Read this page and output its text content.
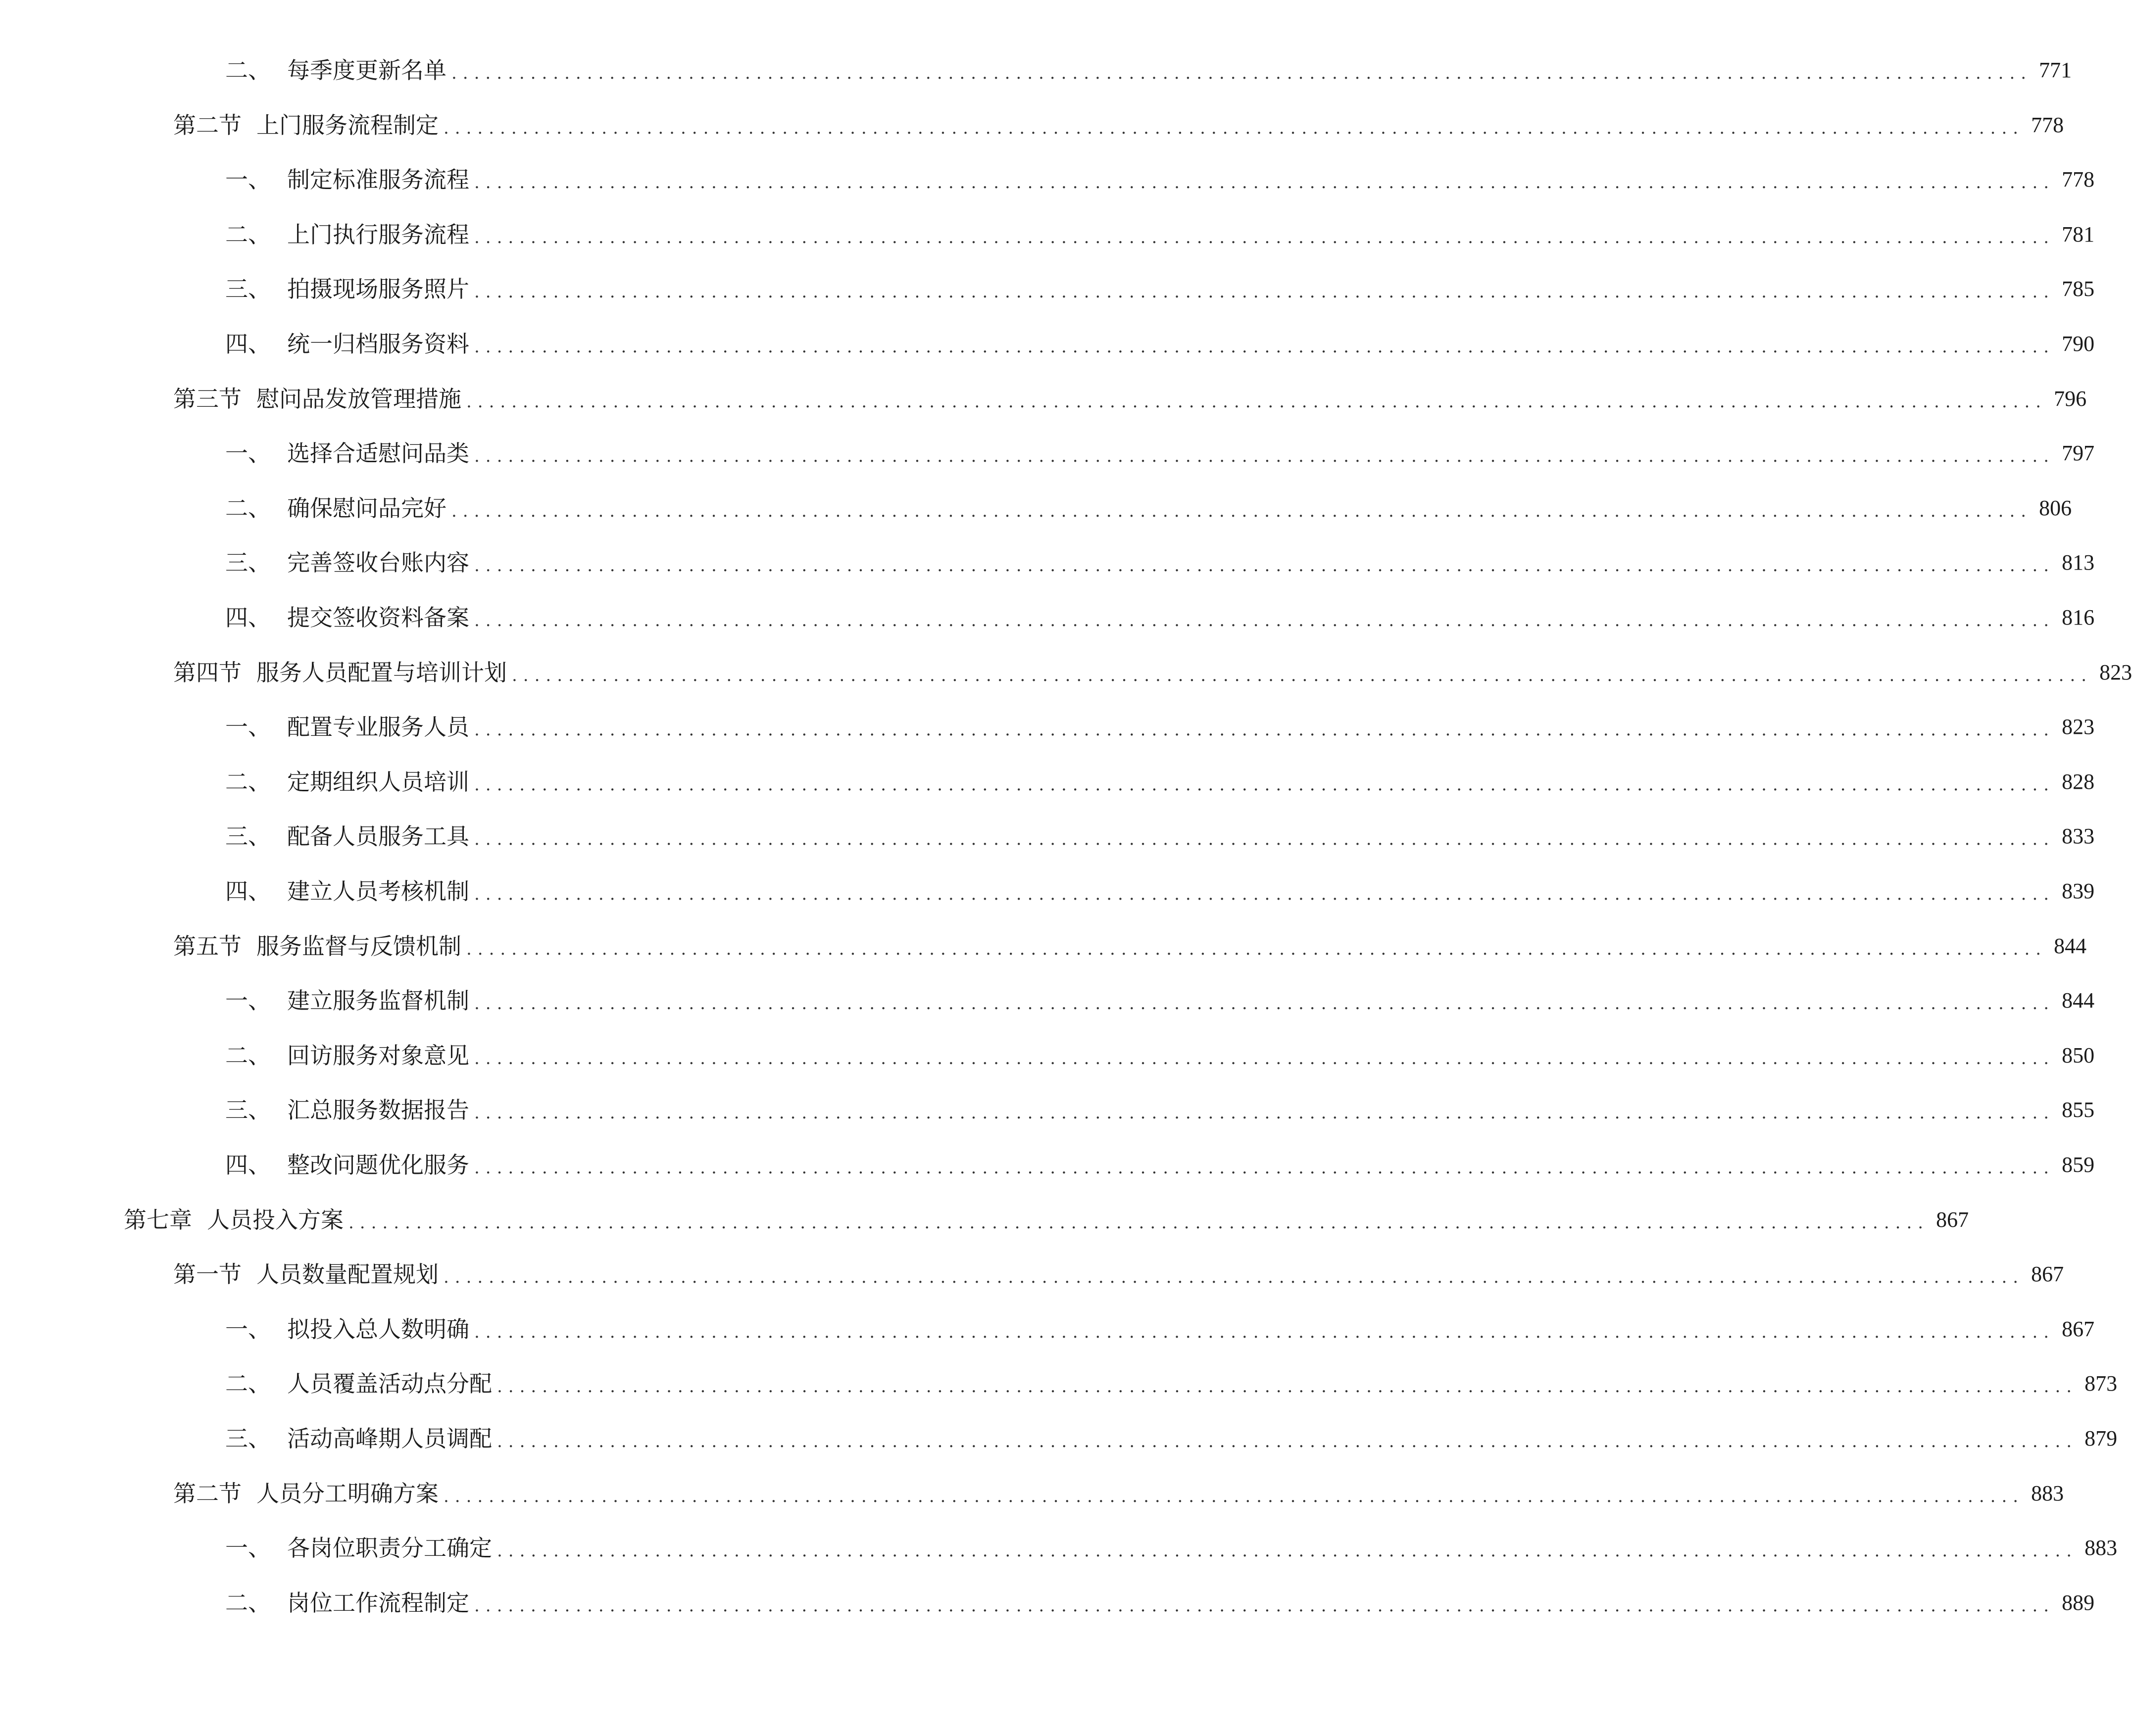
二、 每季度更新名单 ............................................................................................................................................ 771
第二节 上门服务流程制定 ............................................................................................................................................ 778
一、 制定标准服务流程 ............................................................................................................................................ 778
二、 上门执行服务流程 ............................................................................................................................................ 781
三、 拍摄现场服务照片 ............................................................................................................................................ 785
四、 统一归档服务资料 ............................................................................................................................................ 790
第三节 慰问品发放管理措施 ............................................................................................................................................ 796
一、 选择合适慰问品类 ............................................................................................................................................ 797
二、 确保慰问品完好 ............................................................................................................................................ 806
三、 完善签收台账内容 ............................................................................................................................................ 813
四、 提交签收资料备案 ............................................................................................................................................ 816
第四节 服务人员配置与培训计划 ............................................................................................................................................ 823
一、 配置专业服务人员 ............................................................................................................................................ 823
二、 定期组织人员培训 ............................................................................................................................................ 828
三、 配备人员服务工具 ............................................................................................................................................ 833
四、 建立人员考核机制 ............................................................................................................................................ 839
第五节 服务监督与反馈机制 ............................................................................................................................................ 844
一、 建立服务监督机制 ............................................................................................................................................ 844
二、 回访服务对象意见 ............................................................................................................................................ 850
三、 汇总服务数据报告 ............................................................................................................................................ 855
四、 整改问题优化服务 ............................................................................................................................................ 859
第七章 人员投入方案 ............................................................................................................................................ 867
第一节 人员数量配置规划 ............................................................................................................................................ 867
一、 拟投入总人数明确 ............................................................................................................................................ 867
二、 人员覆盖活动点分配 ............................................................................................................................................ 873
三、 活动高峰期人员调配 ............................................................................................................................................ 879
第二节 人员分工明确方案 ............................................................................................................................................ 883
一、 各岗位职责分工确定 ............................................................................................................................................ 883
二、 岗位工作流程制定 ............................................................................................................................................ 889
